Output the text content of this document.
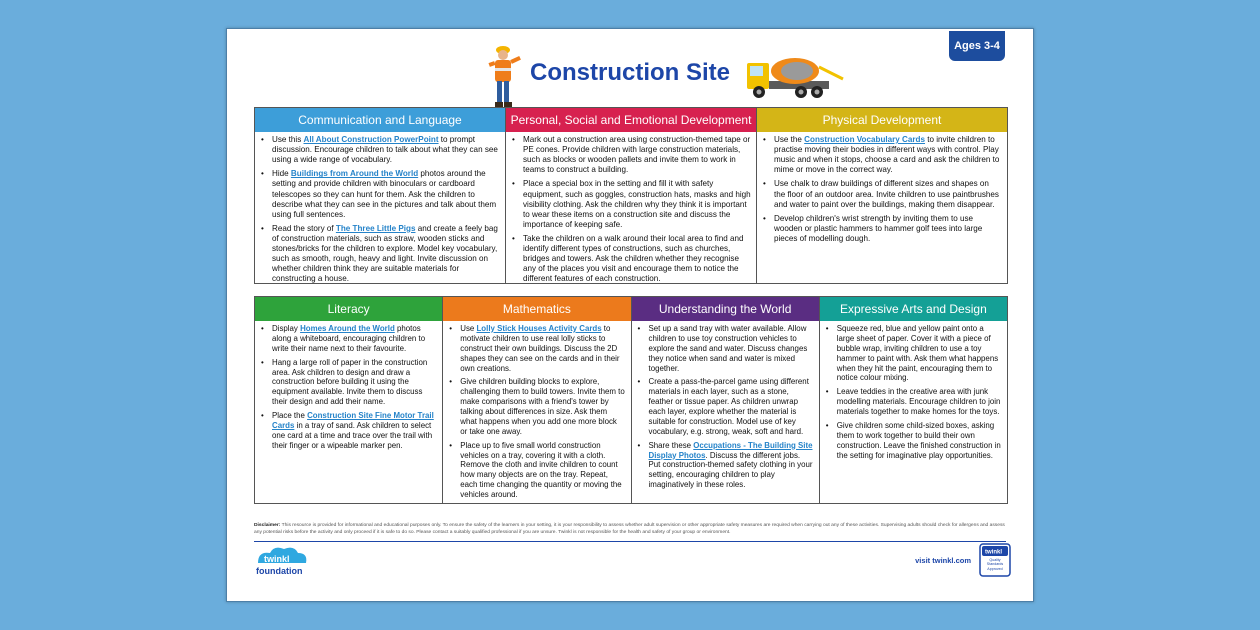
Ages 3-4
Construction Site
Communication and Language
• Use this All About Construction PowerPoint to prompt discussion. Encourage children to talk about what they can see using a wide range of vocabulary.
• Hide Buildings from Around the World photos around the setting and provide children with binoculars or cardboard telescopes so they can hunt for them. Ask the children to describe what they can see in the pictures and talk about them using full sentences.
• Read the story of The Three Little Pigs and create a feely bag of construction materials, such as straw, wooden sticks and stones/bricks for the children to explore. Model key vocabulary, such as smooth, rough, heavy and light. Invite discussion on whether children think they are suitable materials for constructing a house.
Personal, Social and Emotional Development
• Mark out a construction area using construction-themed tape or PE cones. Provide children with large construction materials, such as blocks or wooden pallets and invite them to work in teams to construct a building.
• Place a special box in the setting and fill it with safety equipment, such as goggles, construction hats, masks and high visibility clothing. Ask the children why they think it is important to wear these items on a construction site and discuss the importance of keeping safe.
• Take the children on a walk around their local area to find and identify different types of constructions, such as churches, bridges and towers. Ask the children whether they recognise any of the places you visit and encourage them to notice the different features of each construction.
Physical Development
• Use the Construction Vocabulary Cards to invite children to practise moving their bodies in different ways with control. Play music and when it stops, choose a card and ask the children to mime or move in the correct way.
• Use chalk to draw buildings of different sizes and shapes on the floor of an outdoor area. Invite children to use paintbrushes and water to paint over the buildings, making them disappear.
• Develop children's wrist strength by inviting them to use wooden or plastic hammers to hammer golf tees into large pieces of modelling dough.
Literacy
• Display Homes Around the World photos along a whiteboard, encouraging children to write their name next to their favourite.
• Hang a large roll of paper in the construction area. Ask children to design and draw a construction before building it using the equipment available. Invite them to discuss their design and add their name.
• Place the Construction Site Fine Motor Trail Cards in a tray of sand. Ask children to select one card at a time and trace over the trail with their finger or a wipeable marker pen.
Mathematics
• Use Lolly Stick Houses Activity Cards to motivate children to use real lolly sticks to construct their own buildings. Discuss the 2D shapes they can see on the cards and in their own creations.
• Give children building blocks to explore, challenging them to build towers. Invite them to make comparisons with a friend's tower by talking about differences in size. Ask them what happens when you add one more block or take one away.
• Place up to five small world construction vehicles on a tray, covering it with a cloth. Remove the cloth and invite children to count how many objects are on the tray. Repeat, each time changing the quantity or moving the vehicles around.
Understanding the World
• Set up a sand tray with water available. Allow children to use toy construction vehicles to explore the sand and water. Discuss changes they notice when sand and water is mixed together.
• Create a pass-the-parcel game using different materials in each layer, such as a stone, feather or tissue paper. As children unwrap each layer, explore whether the material is suitable for construction. Model use of key vocabulary, e.g. strong, weak, soft and hard.
• Share these Occupations - The Building Site Display Photos. Discuss the different jobs. Put construction-themed safety clothing in your setting, encouraging children to play imaginatively in these roles.
Expressive Arts and Design
• Squeeze red, blue and yellow paint onto a large sheet of paper. Cover it with a piece of bubble wrap, inviting children to use a toy hammer to paint with. Ask them what happens when they hit the paint, encouraging them to notice colour mixing.
• Leave teddies in the creative area with junk modelling materials. Encourage children to join materials together to make homes for the toys.
• Give children some child-sized boxes, asking them to work together to build their own construction. Leave the finished construction in the setting for imaginative play opportunities.
Disclaimer: This resource is provided for informational and educational purposes only. To ensure the safety of the learners in your setting, it is your responsibility to assess whether adult supervision or other appropriate safety measures are required when carrying out any of these activities. Supervising adults should check for allergens and assess any potential risks before the activity and only proceed if it is safe to do so. Please contact a suitably qualified professional if you are unsure. Twinkl is not responsible for the health and safety of your group or environment.
twinkl
foundation
visit twinkl.com
twinkl
Quality Standards Approved
